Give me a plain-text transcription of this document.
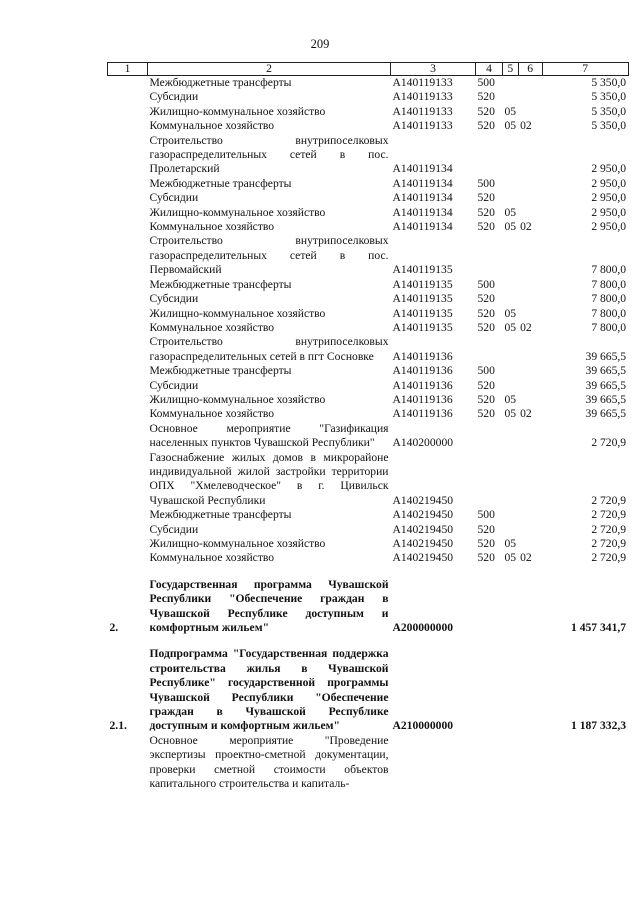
209
1	2	3	4	5	6	7
	Межбюджетные трансферты	А140119133	500			5 350,0
	Субсидии	А140119133	520			5 350,0
	Жилищно-коммунальное хозяйство	А140119133	520	05		5 350,0
	Коммунальное хозяйство	А140119133	520	05	02	5 350,0
	Строительство внутрипоселковых газораспределительных сетей в пос. Пролетарский	А140119134				2 950,0
	Межбюджетные трансферты	А140119134	500			2 950,0
	Субсидии	А140119134	520			2 950,0
	Жилищно-коммунальное хозяйство	А140119134	520	05		2 950,0
	Коммунальное хозяйство	А140119134	520	05	02	2 950,0
	Строительство внутрипоселковых газораспределительных сетей в пос. Первомайский	А140119135				7 800,0
	Межбюджетные трансферты	А140119135	500			7 800,0
	Субсидии	А140119135	520			7 800,0
	Жилищно-коммунальное хозяйство	А140119135	520	05		7 800,0
	Коммунальное хозяйство	А140119135	520	05	02	7 800,0
	Строительство внутрипоселковых газораспределительных сетей в пгт Сосновке	А140119136				39 665,5
	Межбюджетные трансферты	А140119136	500			39 665,5
	Субсидии	А140119136	520			39 665,5
	Жилищно-коммунальное хозяйство	А140119136	520	05		39 665,5
	Коммунальное хозяйство	А140119136	520	05	02	39 665,5
	Основное мероприятие "Газификация населенных пунктов Чувашской Республики"	А140200000				2 720,9
	Газоснабжение жилых домов в микрорайоне индивидуальной жилой застройки территории ОПХ "Хмелеводческое" в г. Цивильск Чувашской Республики	А140219450				2 720,9
	Межбюджетные трансферты	А140219450	500			2 720,9
	Субсидии	А140219450	520			2 720,9
	Жилищно-коммунальное хозяйство	А140219450	520	05		2 720,9
	Коммунальное хозяйство	А140219450	520	05	02	2 720,9

2.	Государственная программа Чувашской Республики "Обеспечение граждан в Чувашской Республике доступным и комфортным жильем"	А200000000				1 457 341,7

2.1.	Подпрограмма "Государственная поддержка строительства жилья в Чувашской Республике" государственной программы Чувашской Республики "Обеспечение граждан в Чувашской Республике доступным и комфортным жильем"	А210000000				1 187 332,3
	Основное мероприятие "Проведение экспертизы проектно-сметной документации, проверки сметной стоимости объектов капитального строительства и капиталь-					
